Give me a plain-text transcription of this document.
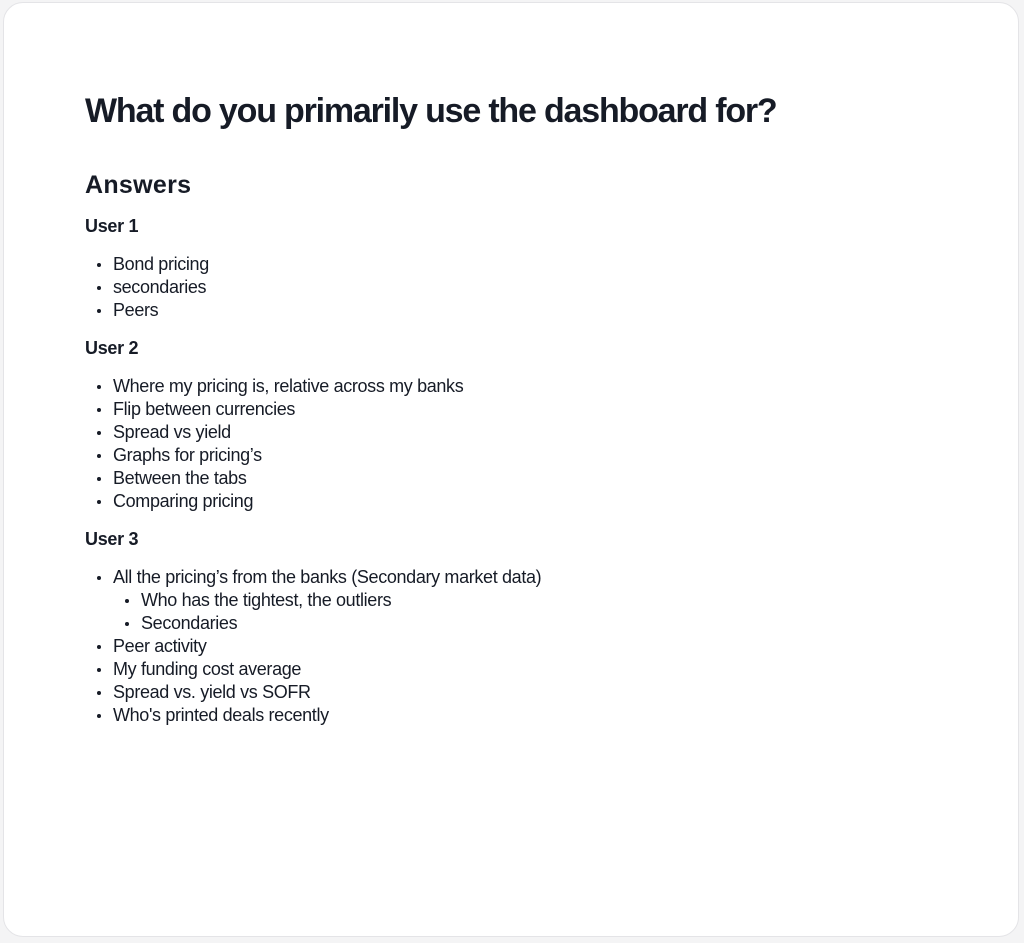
What do you primarily use the dashboard for?
Answers
User 1
Bond pricing
secondaries
Peers
User 2
Where my pricing is, relative across my banks
Flip between currencies
Spread vs yield
Graphs for pricing’s
Between the tabs
Comparing pricing
User 3
All the pricing’s from the banks (Secondary market data)
Who has the tightest, the outliers
Secondaries
Peer activity
My funding cost average
Spread vs. yield vs SOFR
Who's printed deals recently
